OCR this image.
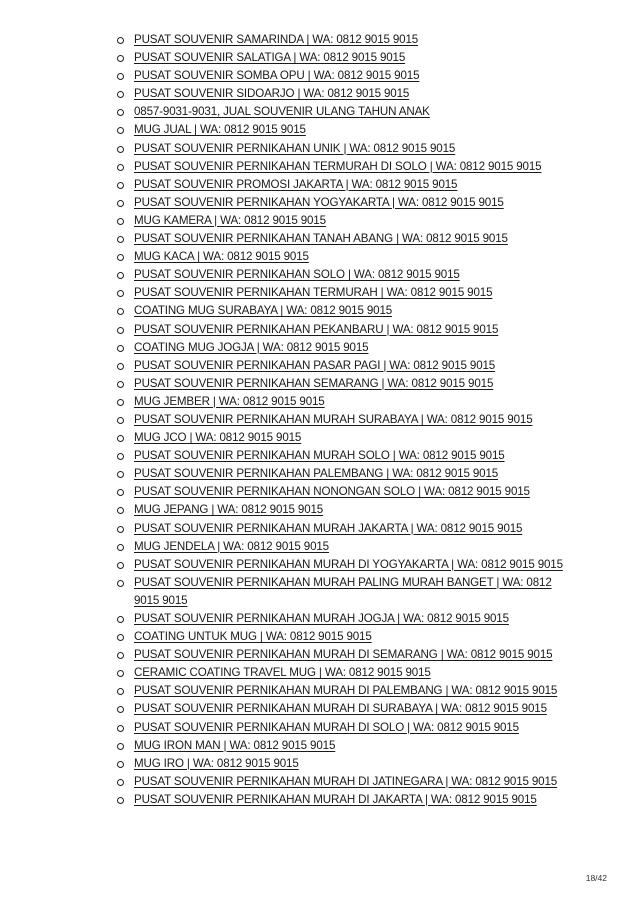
PUSAT SOUVENIR SAMARINDA | WA: 0812 9015 9015
PUSAT SOUVENIR SALATIGA | WA: 0812 9015 9015
PUSAT SOUVENIR SOMBA OPU | WA: 0812 9015 9015
PUSAT SOUVENIR SIDOARJO | WA: 0812 9015 9015
0857-9031-9031, JUAL SOUVENIR ULANG TAHUN ANAK
MUG JUAL | WA: 0812 9015 9015
PUSAT SOUVENIR PERNIKAHAN UNIK | WA: 0812 9015 9015
PUSAT SOUVENIR PERNIKAHAN TERMURAH DI SOLO | WA: 0812 9015 9015
PUSAT SOUVENIR PROMOSI JAKARTA | WA: 0812 9015 9015
PUSAT SOUVENIR PERNIKAHAN YOGYAKARTA | WA: 0812 9015 9015
MUG KAMERA | WA: 0812 9015 9015
PUSAT SOUVENIR PERNIKAHAN TANAH ABANG | WA: 0812 9015 9015
MUG KACA | WA: 0812 9015 9015
PUSAT SOUVENIR PERNIKAHAN SOLO | WA: 0812 9015 9015
PUSAT SOUVENIR PERNIKAHAN TERMURAH | WA: 0812 9015 9015
COATING MUG SURABAYA | WA: 0812 9015 9015
PUSAT SOUVENIR PERNIKAHAN PEKANBARU | WA: 0812 9015 9015
COATING MUG JOGJA | WA: 0812 9015 9015
PUSAT SOUVENIR PERNIKAHAN PASAR PAGI | WA: 0812 9015 9015
PUSAT SOUVENIR PERNIKAHAN SEMARANG | WA: 0812 9015 9015
MUG JEMBER | WA: 0812 9015 9015
PUSAT SOUVENIR PERNIKAHAN MURAH SURABAYA | WA: 0812 9015 9015
MUG JCO | WA: 0812 9015 9015
PUSAT SOUVENIR PERNIKAHAN MURAH SOLO | WA: 0812 9015 9015
PUSAT SOUVENIR PERNIKAHAN PALEMBANG | WA: 0812 9015 9015
PUSAT SOUVENIR PERNIKAHAN NONONGAN SOLO | WA: 0812 9015 9015
MUG JEPANG | WA: 0812 9015 9015
PUSAT SOUVENIR PERNIKAHAN MURAH JAKARTA | WA: 0812 9015 9015
MUG JENDELA | WA: 0812 9015 9015
PUSAT SOUVENIR PERNIKAHAN MURAH DI YOGYAKARTA | WA: 0812 9015 9015
PUSAT SOUVENIR PERNIKAHAN MURAH PALING MURAH BANGET | WA: 0812 9015 9015
PUSAT SOUVENIR PERNIKAHAN MURAH JOGJA | WA: 0812 9015 9015
COATING UNTUK MUG | WA: 0812 9015 9015
PUSAT SOUVENIR PERNIKAHAN MURAH DI SEMARANG | WA: 0812 9015 9015
CERAMIC COATING TRAVEL MUG | WA: 0812 9015 9015
PUSAT SOUVENIR PERNIKAHAN MURAH DI PALEMBANG | WA: 0812 9015 9015
PUSAT SOUVENIR PERNIKAHAN MURAH DI SURABAYA | WA: 0812 9015 9015
PUSAT SOUVENIR PERNIKAHAN MURAH DI SOLO | WA: 0812 9015 9015
MUG IRON MAN | WA: 0812 9015 9015
MUG IRO | WA: 0812 9015 9015
PUSAT SOUVENIR PERNIKAHAN MURAH DI JATINEGARA | WA: 0812 9015 9015
PUSAT SOUVENIR PERNIKAHAN MURAH DI JAKARTA | WA: 0812 9015 9015
18/42
